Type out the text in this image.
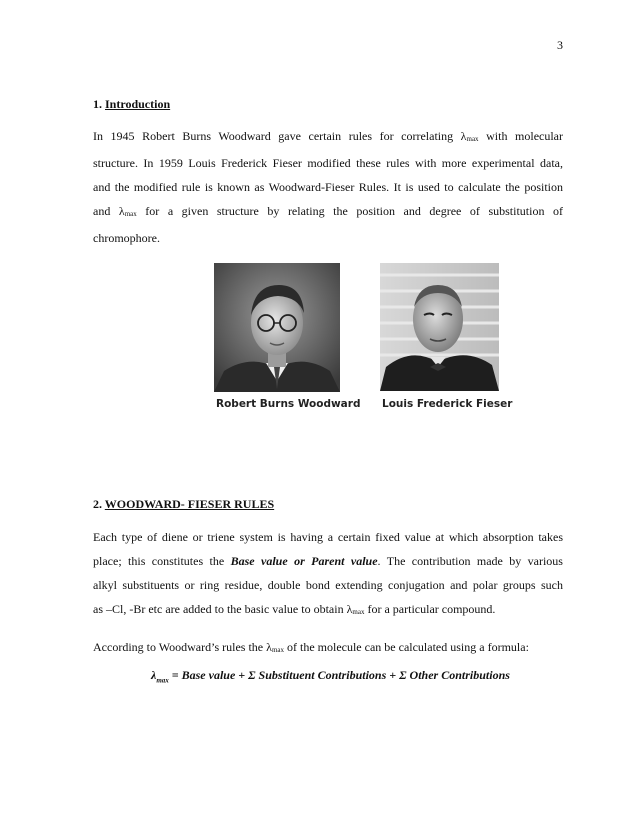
3
1. Introduction
In 1945 Robert Burns Woodward gave certain rules for correlating $\lambda_{max}$ with molecular
structure. In 1959 Louis Frederick Fieser modified these rules with more experimental data,
and the modified rule is known as Woodward-Fieser Rules. It is used to calculate the position
and $\lambda_{max}$ for a given structure by relating the position and degree of substitution of
chromophore.
Robert Burns Woodward Louis Frederick Fieser
2. WOODWARD- FIESER RULES
Each type of diene or triene system is having a certain fixed value at which absorption takes
place; this constitutes the Base value or Parent value. The contribution made by various
alkyl substituents or ring residue, double bond extending conjugation and polar groups such
as –Cl, -Br etc are added to the basic value to obtain $\lambda_{max}$ for a particular compound.
According to Woodward’s rules the $\lambda_{max}$ of the molecule can be calculated using a formula:
$\lambda_{max}$ = Base value + Σ Substituent Contributions + Σ Other Contributions
